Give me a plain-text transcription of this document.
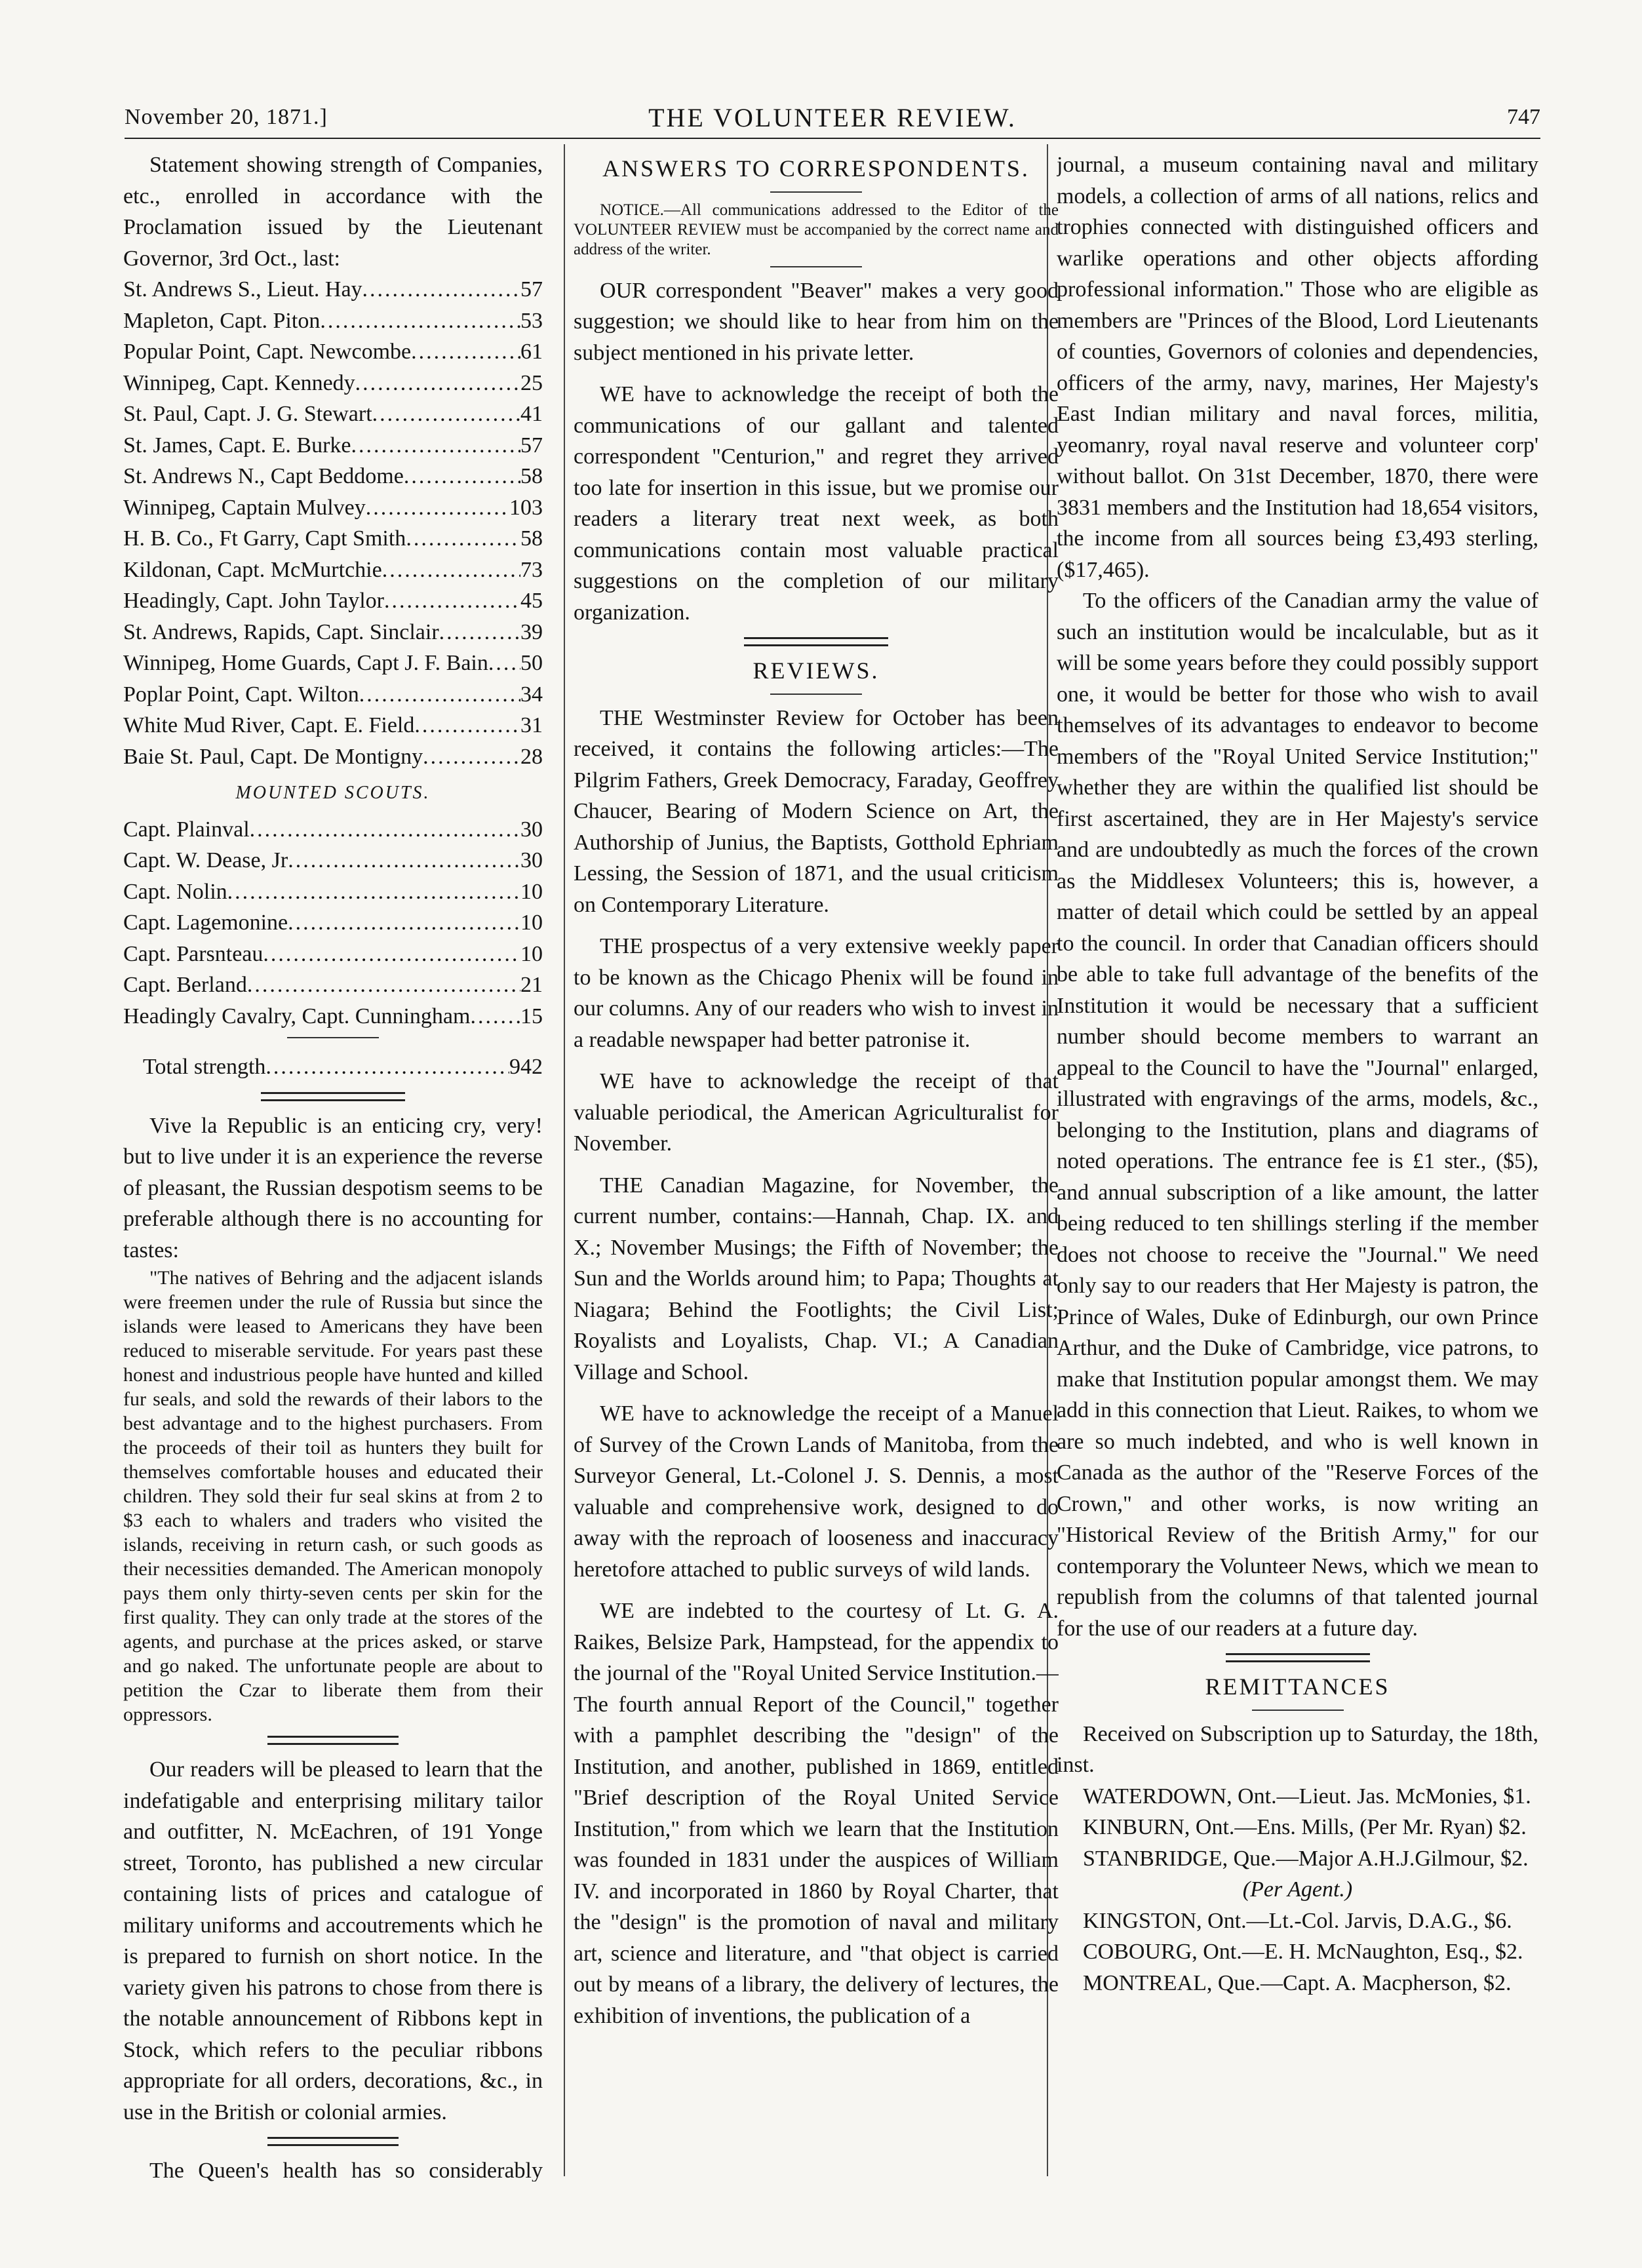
November 20, 1871.]	THE VOLUNTEER REVIEW.	747

Statement showing strength of Companies, etc., enrolled in accordance with the Proclamation issued by the Lieutenant Governor, 3rd Oct., last:

St. Andrews S., Lieut. Hay .....	57
Mapleton, Capt. Piton .....	53
Popular Point, Capt. Newcombe .....	61
Winnipeg, Capt. Kennedy .....	25
St. Paul, Capt. J. G. Stewart .....	41
St. James, Capt. E. Burke .....	57
St. Andrews N., Capt Beddome .....	58
Winnipeg, Captain Mulvey .....	103
H. B. Co., Ft Garry, Capt Smith .....	58
Kildonan, Capt. McMurtchie .....	73
Headingly, Capt. John Taylor .....	45
St. Andrews, Rapids, Capt. Sinclair .....	39
Winnipeg, Home Guards, Capt J. F. Bain ..... 50
Poplar Point, Capt. Wilton .....	34
White Mud River, Capt. E. Field .....	31
Baie St. Paul, Capt. De Montigny .....	28
MOUNTED SCOUTS.
Capt. Plainval .....	30
Capt. W. Dease, Jr .....	30
Capt. Nolin .....	10
Capt. Lagemonine .....	10
Capt. Parsnteau .....	10
Capt. Berland .....	21
Headingly Cavalry, Capt. Cunningham ..... 15
Total strength .....	942

Vive la Republic is an enticing cry, very! but to live under it is an experience the reverse of pleasant, the Russian despotism seems to be preferable although there is no accounting for tastes:

"The natives of Behring and the adjacent islands were freemen under the rule of Russia but since the islands were leased to Americans they have been reduced to miserable servitude. For years past these honest and industrious people have hunted and killed fur seals, and sold the rewards of their labors to the best advantage and to the highest purchasers. From the proceeds of their toil as hunters they built for themselves comfortable houses and educated their children. They sold their fur seal skins at from 2 to $3 each to whalers and traders who visited the islands, receiving in return cash, or such goods as their necessities demanded. The American monopoly pays them only thirty-seven cents per skin for the first quality. They can only trade at the stores of the agents, and purchase at the prices asked, or starve and go naked. The unfortunate people are about to petition the Czar to liberate them from their oppressors.

Our readers will be pleased to learn that the indefatigable and enterprising military tailor and outfitter, N. McEachren, of 191 Yonge street, Toronto, has published a new circular containing lists of prices and catalogue of military uniforms and accoutrements which he is prepared to furnish on short notice. In the variety given his patrons to chose from there is the notable announcement of Ribbons kept in Stock, which refers to the peculiar ribbons appropriate for all orders, decorations, &c., in use in the British or colonial armies.

The Queen's health has so considerably

ANSWERS TO CORRESPONDENTS.

NOTICE.—All communications addressed to the Editor of the VOLUNTEER REVIEW must be accompanied by the correct name and address of the writer.

OUR correspondent "Beaver" makes a very good suggestion; we should like to hear from him on the subject mentioned in his private letter.

WE have to acknowledge the receipt of both the communications of our gallant and talented correspondent "Centurion," and regret they arrived too late for insertion in this issue, but we promise our readers a literary treat next week, as both communications contain most valuable practical suggestions on the completion of our military organization.

REVIEWS.

THE Westminster Review for October has been received, it contains the following articles:—The Pilgrim Fathers, Greek Democracy, Faraday, Geoffrey Chaucer, Bearing of Modern Science on Art, the Authorship of Junius, the Baptists, Gotthold Ephriam Lessing, the Session of 1871, and the usual criticism on Contemporary Literature.

THE prospectus of a very extensive weekly paper to be known as the Chicago Phenix will be found in our columns. Any of our readers who wish to invest in a readable newspaper had better patronise it.

WE have to acknowledge the receipt of that valuable periodical, the American Agriculturalist for November.

THE Canadian Magazine, for November, the current number, contains:—Hannah, Chap. IX. and X.; November Musings; the Fifth of November; the Sun and the Worlds around him; to Papa; Thoughts at Niagara; Behind the Footlights; the Civil List; Royalists and Loyalists, Chap. VI.; A Canadian Village and School.

WE have to acknowledge the receipt of a Manuel of Survey of the Crown Lands of Manitoba, from the Surveyor General, Lt.-Colonel J. S. Dennis, a most valuable and comprehensive work, designed to do away with the reproach of looseness and inaccuracy heretofore attached to public surveys of wild lands.

WE are indebted to the courtesy of Lt. G. A. Raikes, Belsize Park, Hampstead, for the appendix to the journal of the "Royal United Service Institution.—The fourth annual Report of the Council," together with a pamphlet describing the "design" of the Institution, and another, published in 1869, entitled "Brief description of the Royal United Service Institution," from which we learn that the Institution was founded in 1831 under the auspices of William IV. and incorporated in 1860 by Royal Charter, that the "design" is the promotion of naval and military art, science and literature, and "that object is carried out by means of a library, the delivery of lectures, the exhibition of inventions, the publication of a

journal, a museum containing naval and military models, a collection of arms of all nations, relics and trophies connected with distinguished officers and warlike operations and other objects affording professional information." Those who are eligible as members are "Princes of the Blood, Lord Lieutenants of counties, Governors of colonies and dependencies, officers of the army, navy, marines, Her Majesty's East Indian military and naval forces, militia, yeomanry, royal naval reserve and volunteer corp' without ballot. On 31st December, 1870, there were 3831 members and the Institution had 18,654 visitors, the income from all sources being £3,493 sterling, ($17,465).

To the officers of the Canadian army the value of such an institution would be incalculable, but as it will be some years before they could possibly support one, it would be better for those who wish to avail themselves of its advantages to endeavor to become members of the "Royal United Service Institution;" whether they are within the qualified list should be first ascertained, they are in Her Majesty's service and are undoubtedly as much the forces of the crown as the Middlesex Volunteers; this is, however, a matter of detail which could be settled by an appeal to the council. In order that Canadian officers should be able to take full advantage of the benefits of the Institution it would be necessary that a sufficient number should become members to warrant an appeal to the Council to have the "Journal" enlarged, illustrated with engravings of the arms, models, &c., belonging to the Institution, plans and diagrams of noted operations. The entrance fee is £1 ster., ($5), and annual subscription of a like amount, the latter being reduced to ten shillings sterling if the member does not choose to receive the "Journal." We need only say to our readers that Her Majesty is patron, the Prince of Wales, Duke of Edinburgh, our own Prince Arthur, and the Duke of Cambridge, vice patrons, to make that Institution popular amongst them. We may add in this connection that Lieut. Raikes, to whom we are so much indebted, and who is well known in Canada as the author of the "Reserve Forces of the Crown," and other works, is now writing an "Historical Review of the British Army," for our contemporary the Volunteer News, which we mean to republish from the columns of that talented journal for the use of our readers at a future day.

REMITTANCES

Received on Subscription up to Saturday, the 18th, inst.

WATERDOWN, Ont.—Lieut. Jas. McMonies, $1.

KINBURN, Ont.—Ens. Mills, (Per Mr. Ryan) $2.

STANBRIDGE, Que.—Major A.H.J.Gilmour, $2.

(Per Agent.)

KINGSTON, Ont.—Lt.-Col. Jarvis, D.A.G., $6.

COBOURG, Ont.—E. H. McNaughton, Esq., $2.

MONTREAL, Que.—Capt. A. Macpherson, $2.
